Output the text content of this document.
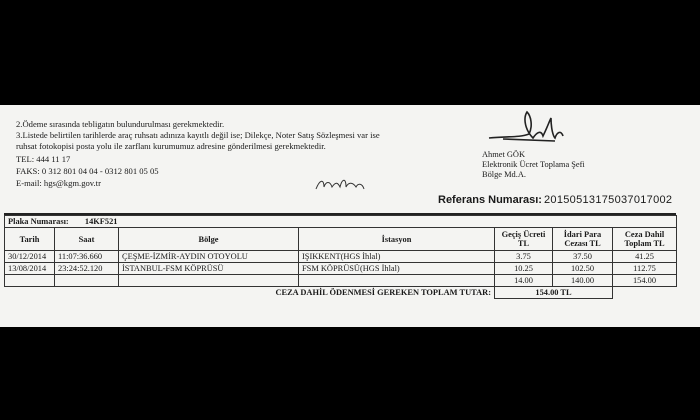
2.Ödeme sırasında tebligatın bulundurulması gerekmektedir.
3.Listede belirtilen tarihlerde araç ruhsatı adınıza kayıtlı değil ise; Dilekçe, Noter Satış Sözleşmesi var ise
ruhsat fotokopisi posta yolu ile zarflanı kurumumuz adresine gönderilmesi gerekmektedir.
TEL: 444 11 17
FAKS: 0 312 801 04 04 - 0312 801 05 05
E-mail: hgs@kgm.gov.tr
Ahmet GÖK
Elektronik Ücret Toplama Şefi
Bölge Md.A.
Referans Numarası: 20150513175037017002
Plaka Numarası: 14KF521						
Tarih	Saat	Bölge	İstasyon	Geçiş Ücreti TL	İdari Para Cezası TL	Ceza Dahil Toplam TL
30/12/2014	11:07:36.660	ÇEŞME-İZMİR-AYDIN OTOYOLU	IŞIKKENT(HGS İhlal)	3.75	37.50	41.25
13/08/2014	23:24:52.120	İSTANBUL-FSM KÖPRÜSÜ	FSM KÖPRÜSÜ(HGS İhlal)	10.25	102.50	112.75
				14.00	140.00	154.00
CEZA DAHİL ÖDENMESİ GEREKEN TOPLAM TUTAR:				154.00 TL		
